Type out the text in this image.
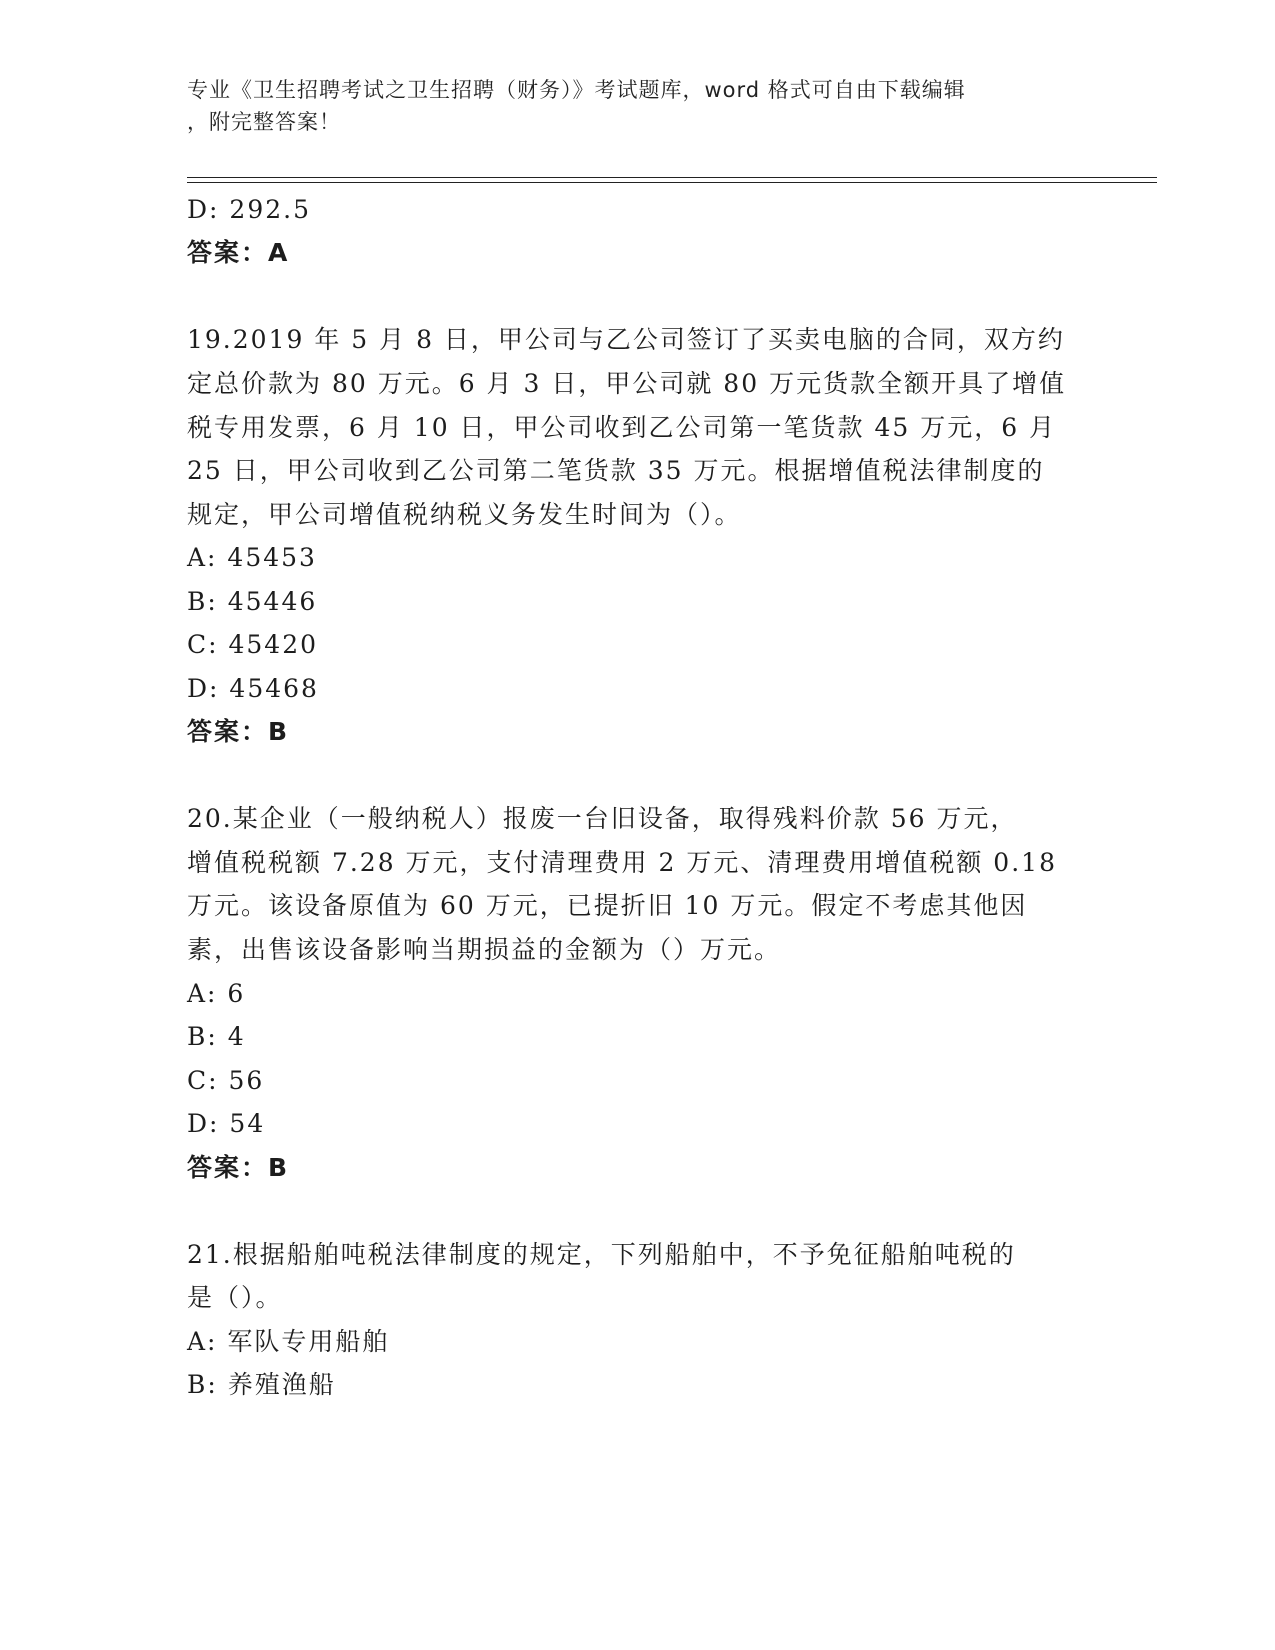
专业《卫生招聘考试之卫生招聘（财务）》考试题库，word 格式可自由下载编辑

，附完整答案！

D: 292.5
答案：A
19.2019 年 5 月 8 日，甲公司与乙公司签订了买卖电脑的合同，双方约
定总价款为 80 万元。6 月 3 日，甲公司就 80 万元货款全额开具了增值
税专用发票，6 月 10 日，甲公司收到乙公司第一笔货款 45 万元，6 月
25 日，甲公司收到乙公司第二笔货款 35 万元。根据增值税法律制度的
规定，甲公司增值税纳税义务发生时间为（）。
A: 45453
B: 45446
C: 45420
D: 45468
答案：B
20.某企业（一般纳税人）报废一台旧设备，取得残料价款 56 万元，
增值税税额 7.28 万元，支付清理费用 2 万元、清理费用增值税额 0.18
万元。该设备原值为 60 万元，已提折旧 10 万元。假定不考虑其他因
素，出售该设备影响当期损益的金额为（）万元。
A: 6
B: 4
C: 56
D: 54
答案：B
21.根据船舶吨税法律制度的规定，下列船舶中，不予免征船舶吨税的
是（）。
A: 军队专用船舶
B: 养殖渔船
